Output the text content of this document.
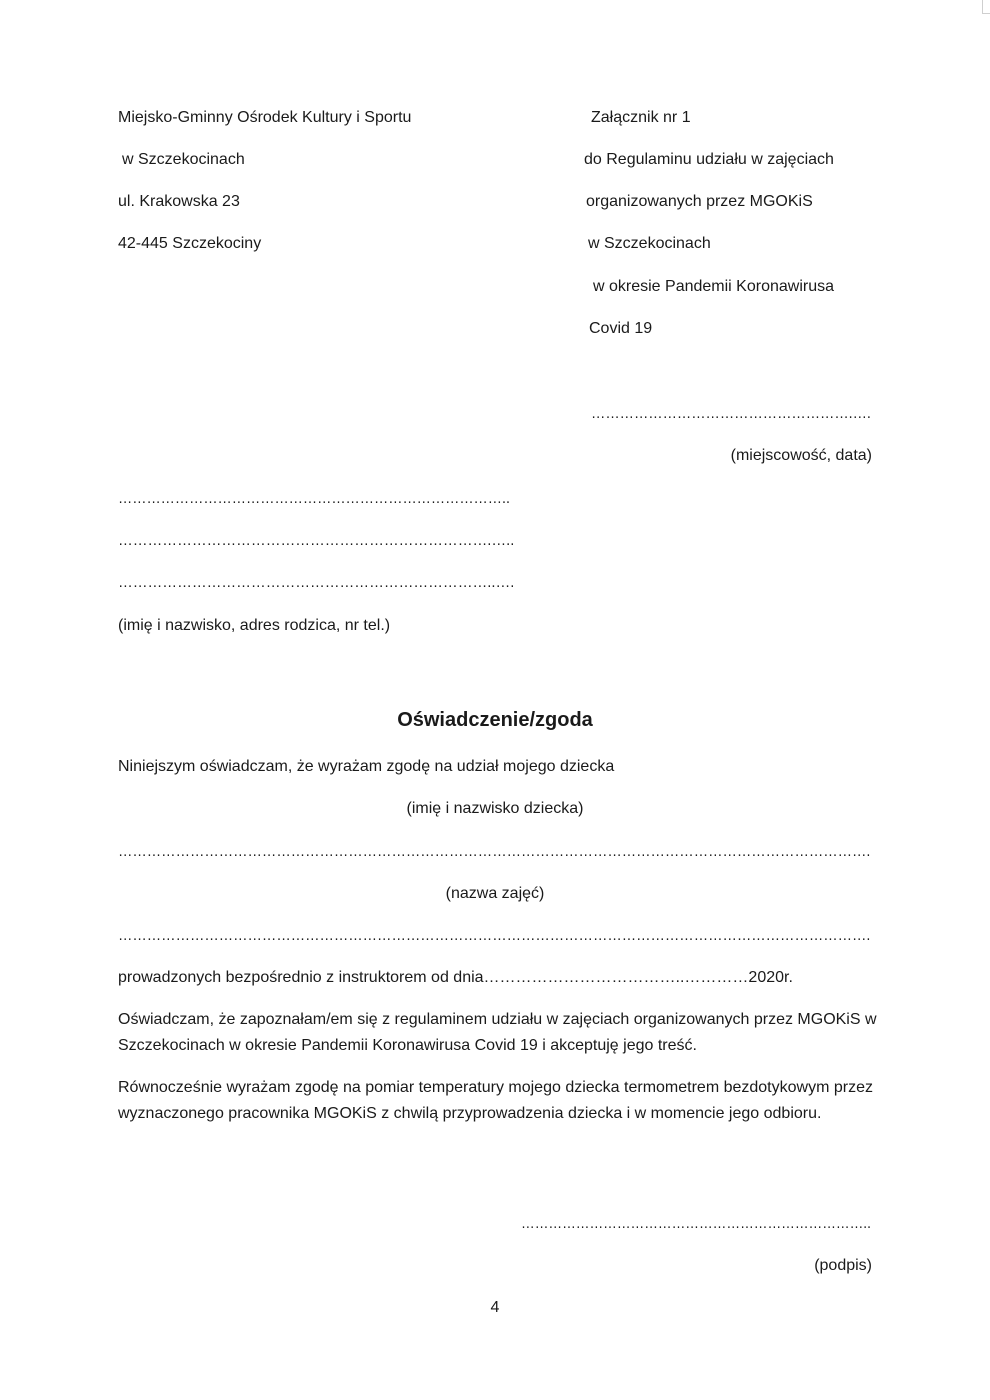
Miejsko-Gminny Ośrodek Kultury i Sportu
w Szczekocinach
ul. Krakowska 23
42-445 Szczekociny
Załącznik nr 1
do Regulaminu udziału w zajęciach
organizowanych przez MGOKiS
w Szczekocinach
w okresie Pandemii Koronawirusa
Covid 19
……………………………………………….….
(miejscowość, data)
………………………………………………………………………..
………………………………………………………………….…..
…………………………………………………………………..….
(imię i nazwisko, adres rodzica, nr tel.)
Oświadczenie/zgoda
Niniejszym oświadczam, że wyrażam zgodę na udział mojego dziecka
(imię i nazwisko dziecka)
………………………………………………………………………………………………………………………………………….
(nazwa zajęć)
………………………………………………………………………………………………………………………………………….
prowadzonych bezpośrednio z instruktorem od dnia………………………………..…………2020r.
Oświadczam, że zapoznałam/em się z regulaminem udziału w zajęciach organizowanych przez MGOKiS w Szczekocinach w okresie Pandemii Koronawirusa Covid 19 i akceptuję jego treść.
Równocześnie wyrażam zgodę na pomiar temperatury mojego dziecka termometrem bezdotykowym przez wyznaczonego pracownika MGOKiS z chwilą przyprowadzenia dziecka i w momencie jego odbioru.
…………………………………………………………………..
(podpis)
4
